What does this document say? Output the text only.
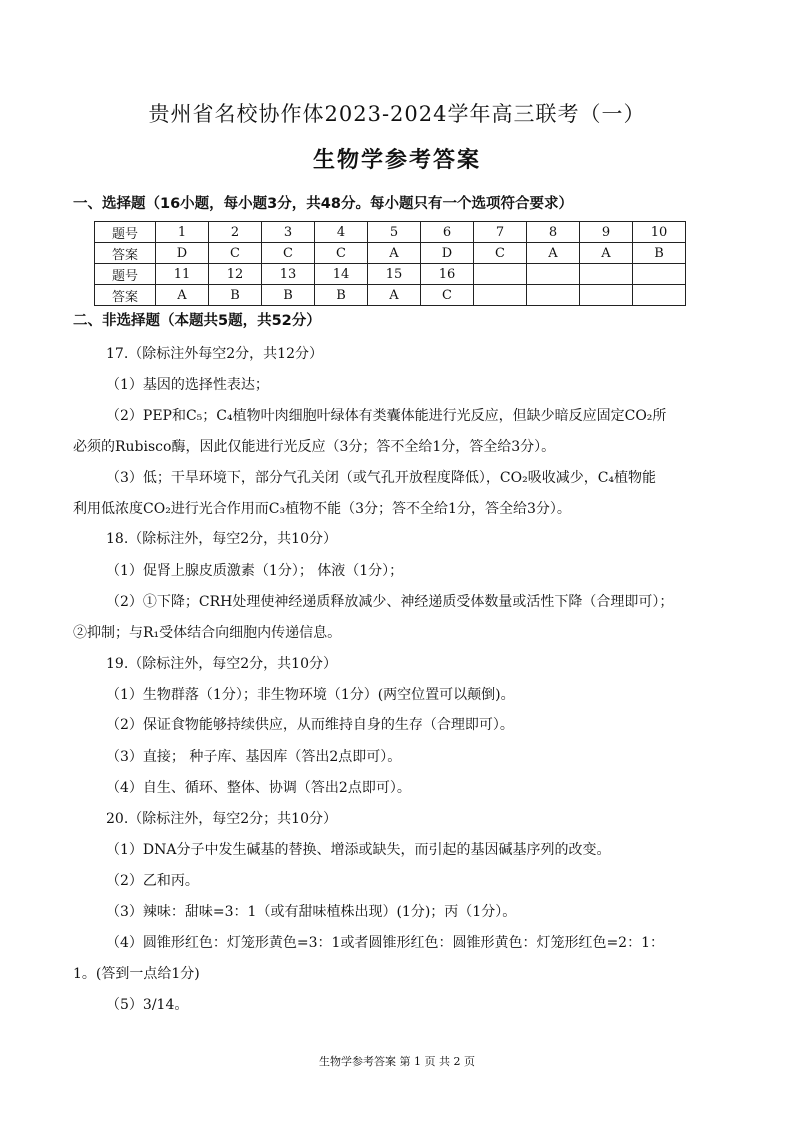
贵州省名校协作体2023-2024学年高三联考（一）
生物学参考答案
一、选择题（16小题，每小题3分，共48分。每小题只有一个选项符合要求）
题号	1	2	3	4	5	6	7	8	9	10
答案	D	C	C	C	A	D	C	A	A	B
题号	11	12	13	14	15	16				
答案	A	B	B	B	A	C				
二、非选择题（本题共5题，共52分）
17.（除标注外每空2分，共12分）
（1）基因的选择性表达；
（2）PEP和C₅；C₄植物叶肉细胞叶绿体有类囊体能进行光反应，但缺少暗反应固定CO₂所
必须的Rubisco酶，因此仅能进行光反应（3分；答不全给1分，答全给3分）。
（3）低；干旱环境下，部分气孔关闭（或气孔开放程度降低），CO₂吸收减少，C₄植物能
利用低浓度CO₂进行光合作用而C₃植物不能（3分；答不全给1分，答全给3分）。
18.（除标注外，每空2分，共10分）
（1）促肾上腺皮质激素（1分）； 体液（1分）；
（2）①下降；CRH处理使神经递质释放减少、神经递质受体数量或活性下降（合理即可）；
②抑制；与R₁受体结合向细胞内传递信息。
19.（除标注外，每空2分，共10分）
（1）生物群落（1分）；非生物环境（1分）(两空位置可以颠倒)。
（2）保证食物能够持续供应，从而维持自身的生存（合理即可）。
（3）直接； 种子库、基因库（答出2点即可）。
（4）自生、循环、整体、协调（答出2点即可）。
20.（除标注外，每空2分；共10分）
（1）DNA分子中发生碱基的替换、增添或缺失，而引起的基因碱基序列的改变。
（2）乙和丙。
（3）辣味：甜味=3：1（或有甜味植株出现）(1分)；丙（1分）。
（4）圆锥形红色：灯笼形黄色=3：1或者圆锥形红色：圆锥形黄色：灯笼形红色=2：1：
1。(答到一点给1分)
（5）3/14。
生物学参考答案 第 1 页 共 2 页
